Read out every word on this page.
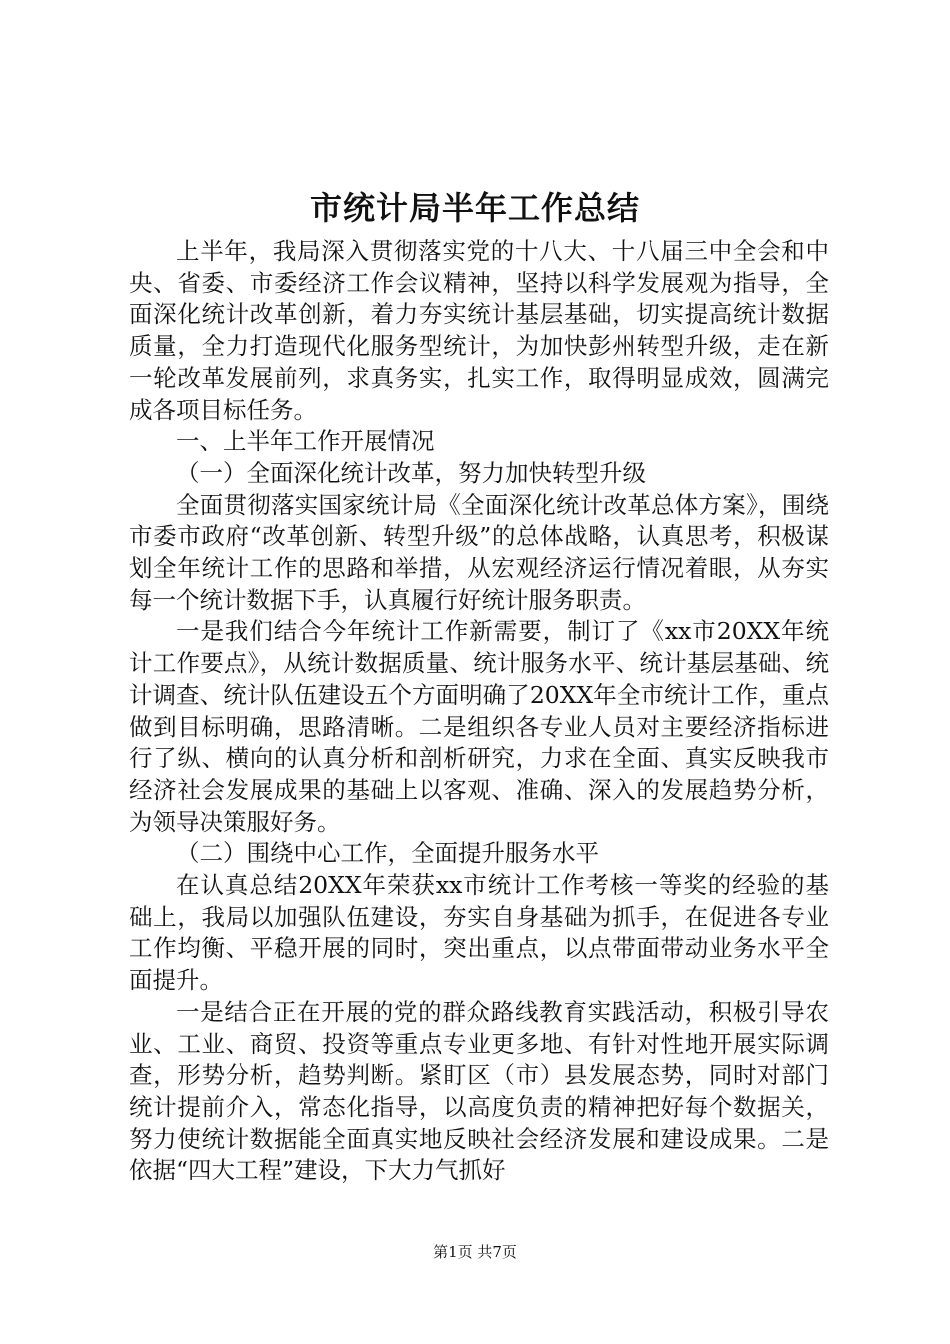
市统计局半年工作总结

上半年，我局深入贯彻落实党的十八大、十八届三中全会和中央、省委、市委经济工作会议精神，坚持以科学发展观为指导，全面深化统计改革创新，着力夯实统计基层基础，切实提高统计数据质量，全力打造现代化服务型统计，为加快彭州转型升级，走在新一轮改革发展前列，求真务实，扎实工作，取得明显成效，圆满完成各项目标任务。

一、上半年工作开展情况

（一）全面深化统计改革，努力加快转型升级

全面贯彻落实国家统计局《全面深化统计改革总体方案》，围绕市委市政府“改革创新、转型升级”的总体战略，认真思考，积极谋划全年统计工作的思路和举措，从宏观经济运行情况着眼，从夯实每一个统计数据下手，认真履行好统计服务职责。

一是我们结合今年统计工作新需要，制订了《xx市20XX年统计工作要点》，从统计数据质量、统计服务水平、统计基层基础、统计调查、统计队伍建设五个方面明确了20XX年全市统计工作，重点做到目标明确，思路清晰。二是组织各专业人员对主要经济指标进行了纵、横向的认真分析和剖析研究，力求在全面、真实反映我市经济社会发展成果的基础上以客观、准确、深入的发展趋势分析，为领导决策服好务。

（二）围绕中心工作，全面提升服务水平

在认真总结20XX年荣获xx市统计工作考核一等奖的经验的基础上，我局以加强队伍建设，夯实自身基础为抓手，在促进各专业工作均衡、平稳开展的同时，突出重点，以点带面带动业务水平全面提升。

一是结合正在开展的党的群众路线教育实践活动，积极引导农业、工业、商贸、投资等重点专业更多地、有针对性地开展实际调查，形势分析，趋势判断。紧盯区（市）县发展态势，同时对部门统计提前介入，常态化指导，以高度负责的精神把好每个数据关，努力使统计数据能全面真实地反映社会经济发展和建设成果。二是依据“四大工程”建设，下大力气抓好

第1页 共7页
